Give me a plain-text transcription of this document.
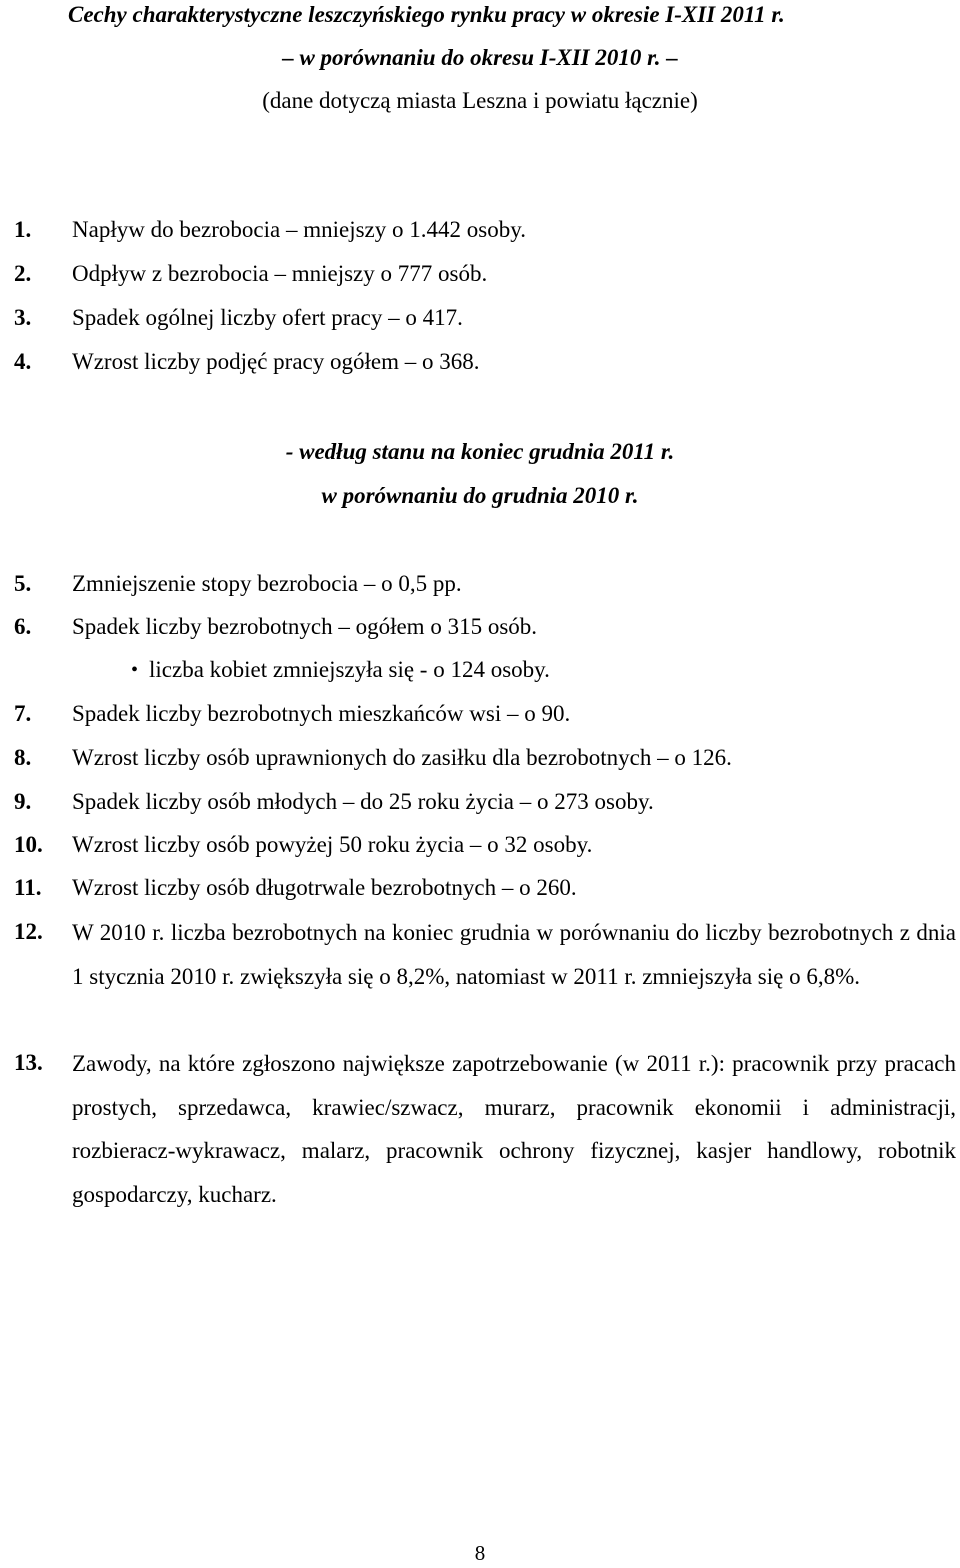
Cechy charakterystyczne leszczyńskiego rynku pracy w okresie I-XII 2011 r.
– w porównaniu do okresu I-XII 2010 r. –
(dane dotyczą miasta Leszna i powiatu łącznie)
1. Napływ do bezrobocia – mniejszy o 1.442 osoby.
2. Odpływ z bezrobocia – mniejszy o 777 osób.
3. Spadek ogólnej liczby ofert pracy – o 417.
4. Wzrost liczby podjęć pracy ogółem – o 368.
- według stanu na koniec grudnia 2011 r.
w porównaniu do grudnia 2010 r.
5. Zmniejszenie stopy bezrobocia – o 0,5 pp.
6. Spadek liczby bezrobotnych – ogółem o 315 osób.
• liczba kobiet zmniejszyła się - o 124 osoby.
7. Spadek liczby bezrobotnych mieszkańców wsi – o 90.
8. Wzrost liczby osób uprawnionych do zasiłku dla bezrobotnych – o 126.
9. Spadek liczby osób młodych – do 25 roku życia – o 273 osoby.
10. Wzrost liczby osób powyżej 50 roku życia – o 32 osoby.
11. Wzrost liczby osób długotrwale bezrobotnych – o 260.
12. W 2010 r. liczba bezrobotnych na koniec grudnia w porównaniu do liczby bezrobotnych z dnia 1 stycznia 2010 r. zwiększyła się o 8,2%, natomiast w 2011 r. zmniejszyła się o 6,8%.
13. Zawody, na które zgłoszono największe zapotrzebowanie (w 2011 r.): pracownik przy pracach prostych, sprzedawca, krawiec/szwacz, murarz, pracownik ekonomii i administracji, rozbieracz-wykrawacz, malarz, pracownik ochrony fizycznej, kasjer handlowy, robotnik gospodarczy, kucharz.
8
